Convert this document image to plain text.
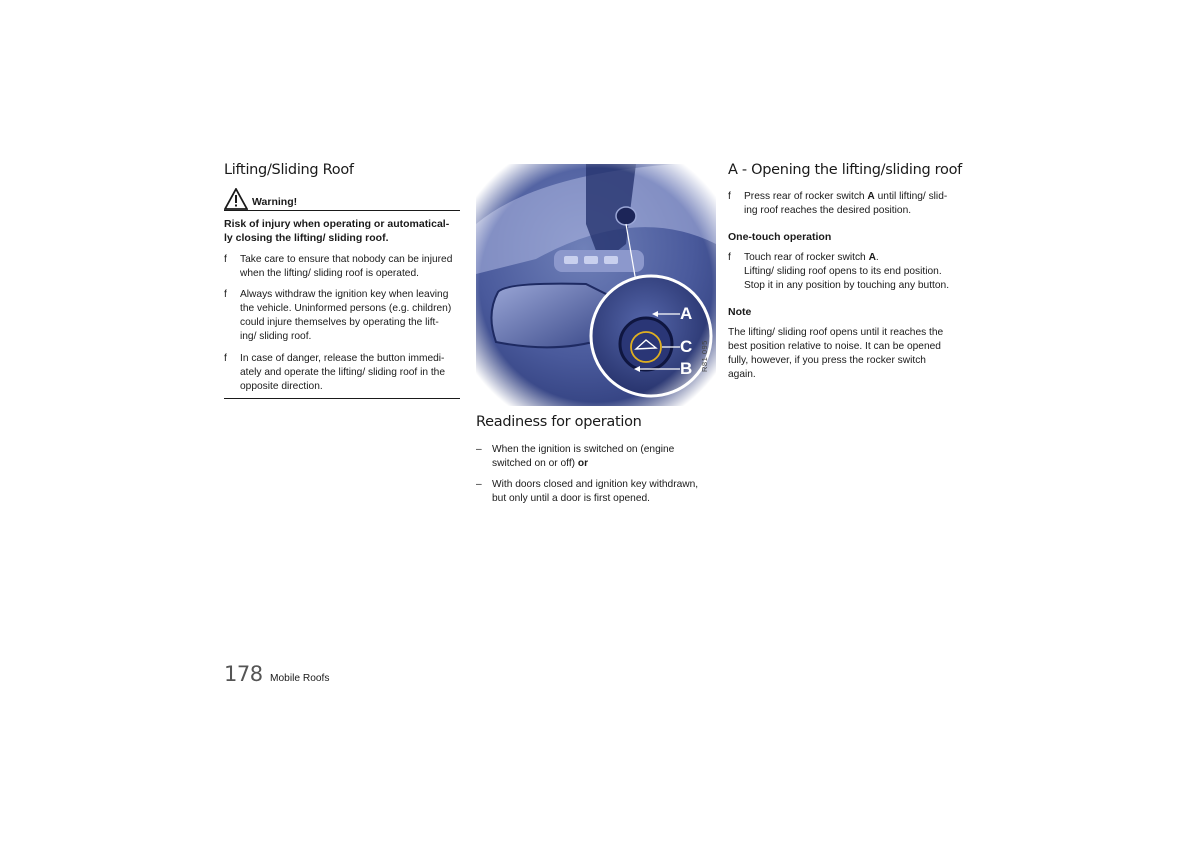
Lifting/Sliding Roof
Warning!

Risk of injury when operating or automatical-

ly closing the lifting/ sliding roof.

f Take care to ensure that nobody can be injured
when the lifting/ sliding roof is operated.
f Always withdraw the ignition key when leaving
the vehicle. Uninformed persons (e.g. children)
could injure themselves by operating the lift-
ing/ sliding roof.
f In case of danger, release the button immedi-
ately and operate the lifting/ sliding roof in the
opposite direction.
A
C
B R81 095
Readiness for operation
– When the ignition is switched on (engine
switched on or off) or
– With doors closed and ignition key withdrawn,
but only until a door is first opened.
A - Opening the lifting/sliding roof
f Press rear of rocker switch A until lifting/ slid-
ing roof reaches the desired position.

One-touch operation

f Touch rear of rocker switch A.
Lifting/ sliding roof opens to its end position.
Stop it in any position by touching any button.

Note

The lifting/ sliding roof opens until it reaches the
best position relative to noise. It can be opened
fully, however, if you press the rocker switch
again.
178 Mobile Roofs
